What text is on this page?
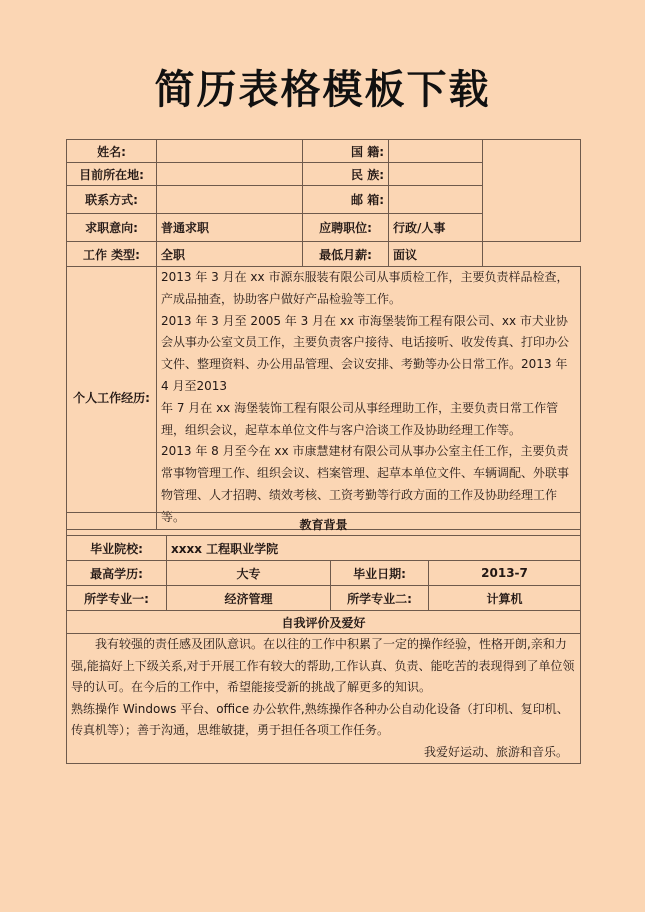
简历表格模板下载
姓名:		国 籍:		
目前所在地:		民 族:		
联系方式:		邮 箱:		
求职意向:	普通求职	应聘职位:	行政/人事	
工作 类型:	全职	最低月薪:	面议	
个人工作经历:	2013 年 3 月在 xx 市源东服装有限公司从事质检工作，主要负责样品检查，产成品抽查，协助客户做好产品检验等工作。

2013 年 3 月至 2005 年 3 月在 xx 市海堡装饰工程有限公司、xx 市犬业协会从事办公室文员工作，主要负责客户接待、电话接听、收发传真、打印办公文件、整理资料、办公用品管理、会议安排、考勤等办公日常工作。2013 年 4 月至2013

年 7 月在 xx 海堡装饰工程有限公司从事经理助工作，主要负责日常工作管理，组织会议，起草本单位文件与客户洽谈工作及协助经理工作等。

2013 年 8 月至今在 xx 市康慧建材有限公司从事办公室主任工作，主要负责常事物管理工作、组织会议、档案管理、起草本单位文件、车辆调配、外联事物管理、人才招聘、绩效考核、工资考勤等行政方面的工作及协助经理工作等。			

教育背景			
毕业院校:	xxxx 工程职业学院		
最高学历:	大专	毕业日期:	2013-7
所学专业一:	经济管理	所学专业二:	计算机
自我评价及爱好			

我有较强的责任感及团队意识。在以往的工作中积累了一定的操作经验，性格开朗,亲和力强,能搞好上下级关系,对于开展工作有较大的帮助,工作认真、负责、能吃苦的表现得到了单位领导的认可。在今后的工作中，希望能接受新的挑战了解更多的知识。

熟练操作 Windows 平台、office 办公软件,熟练操作各种办公自动化设备（打印机、复印机、传真机等）；善于沟通，思维敏捷，勇于担任各项工作任务。

我爱好运动、旅游和音乐。			
